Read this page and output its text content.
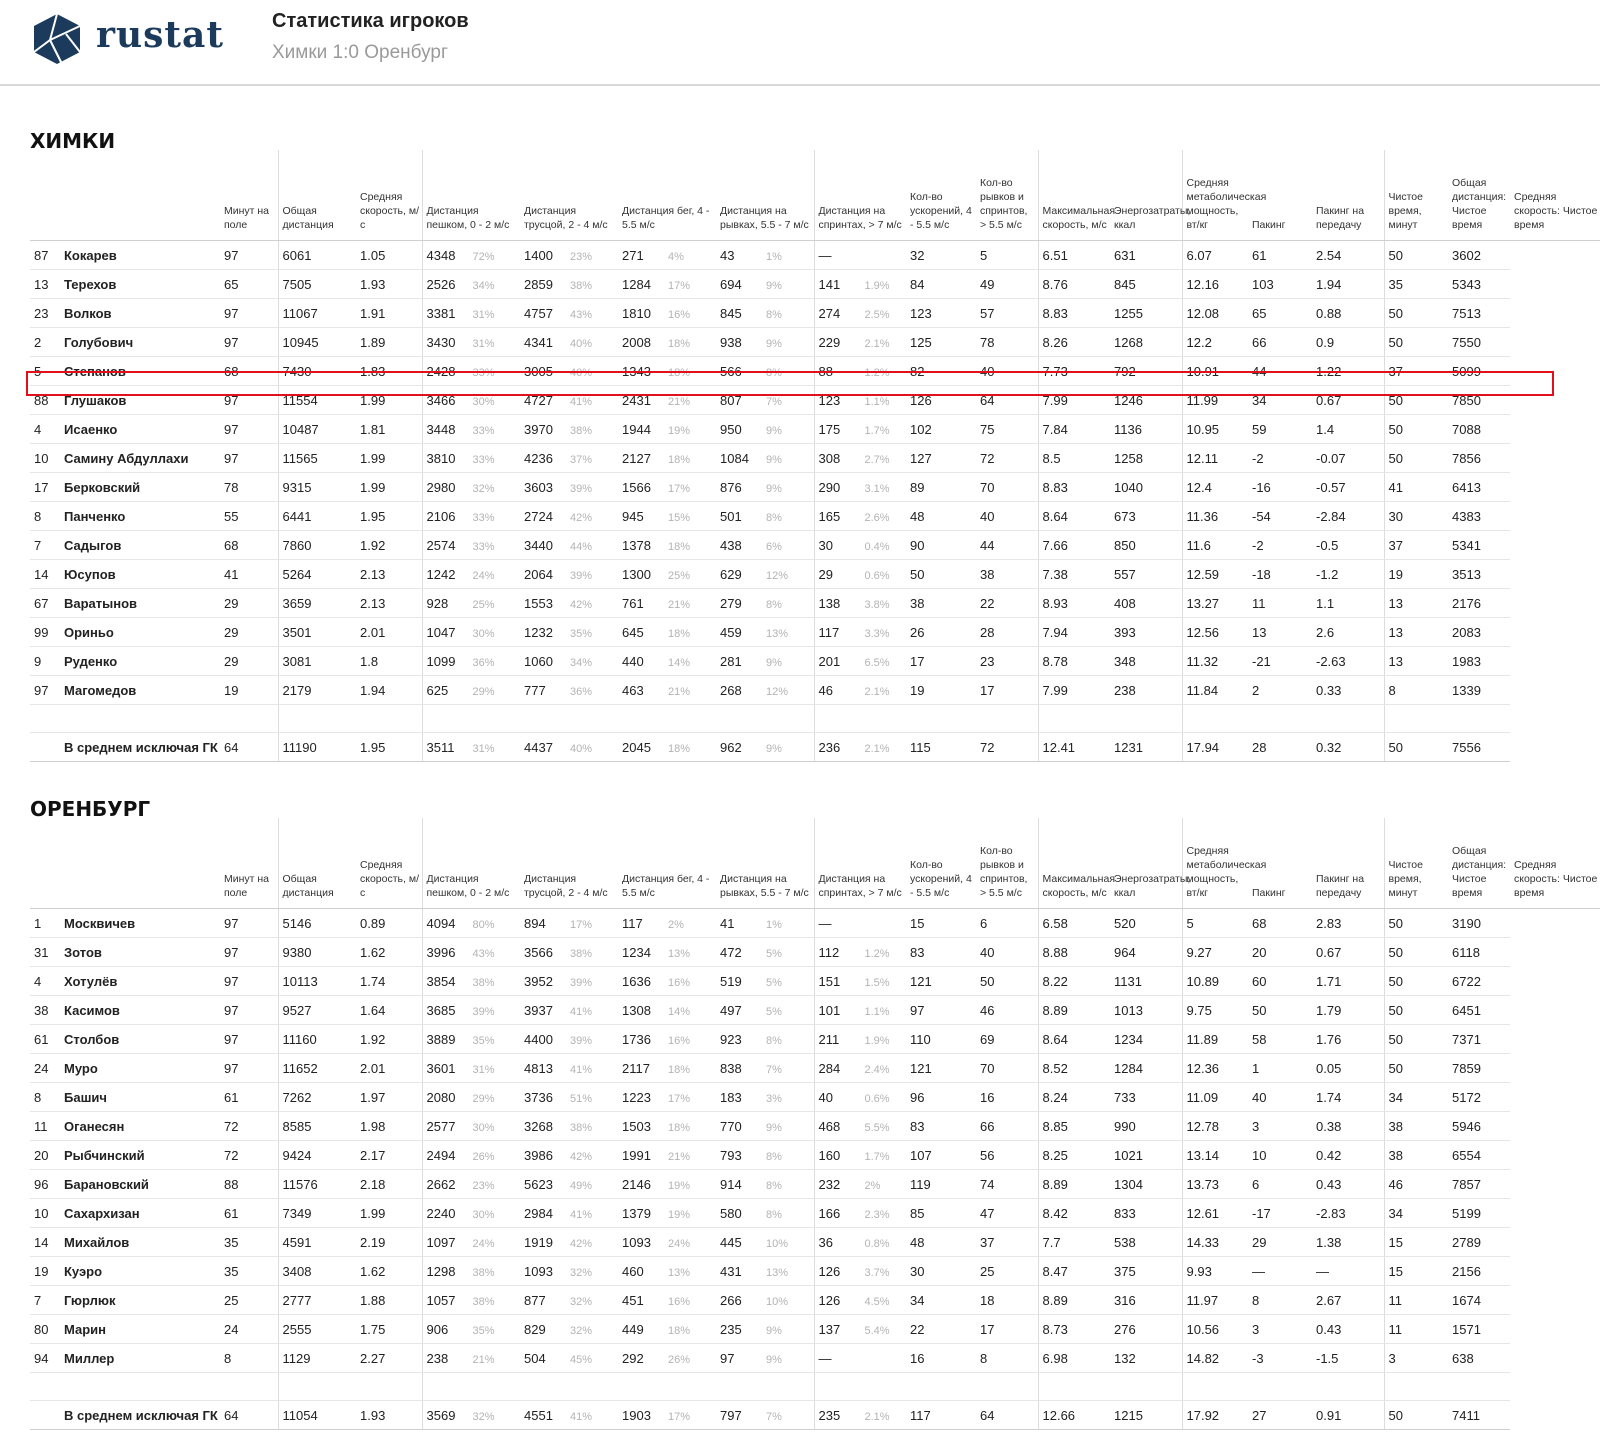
rustat Статистика игроков
Химки 1:0 Оренбург
ХИМКИ
		Минут на поле	Общая дистанция	Средняя скорость, м/с	Дистанция пешком, 0 - 2 м/с	Дистанция трусцой, 2 - 4 м/с	Дистанция бег, 4 - 5.5 м/с	Дистанция на рывках, 5.5 - 7 м/с	Дистанция на спринтах, > 7 м/с	Кол-во ускорений, 4 - 5.5 м/с	Кол-во рывков и спринтов, > 5.5 м/с	Максимальная скорость, м/с	Энергозатраты, ккал	Средняя метаболическая мощность, вт/кг	Пакинг	Пакинг на передачу	Чистое время, минут	Общая дистанция: Чистое время	Средняя скорость: Чистое время
87	Кокарев	97	6061	1.05	4348 72%	1400 23%	271 4%	43 1%	—	32	5	6.51	631	6.07	61	2.54	50	3602	
13	Терехов	65	7505	1.93	2526 34%	2859 38%	1284 17%	694 9%	141 1.9%	84	49	8.76	845	12.16	103	1.94	35	5343	
23	Волков	97	11067	1.91	3381 31%	4757 43%	1810 16%	845 8%	274 2.5%	123	57	8.83	1255	12.08	65	0.88	50	7513	
2	Голубович	97	10945	1.89	3430 31%	4341 40%	2008 18%	938 9%	229 2.1%	125	78	8.26	1268	12.2	66	0.9	50	7550	
5	Степанов	68	7430	1.83	2428 33%	3005 40%	1343 18%	566 8%	88 1.2%	82	40	7.73	792	10.91	44	1.22	37	5099	
88	Глушаков	97	11554	1.99	3466 30%	4727 41%	2431 21%	807 7%	123 1.1%	126	64	7.99	1246	11.99	34	0.67	50	7850	
4	Исаенко	97	10487	1.81	3448 33%	3970 38%	1944 19%	950 9%	175 1.7%	102	75	7.84	1136	10.95	59	1.4	50	7088	
10	Самину Абдуллахи	97	11565	1.99	3810 33%	4236 37%	2127 18%	1084 9%	308 2.7%	127	72	8.5	1258	12.11	-2	-0.07	50	7856	
17	Берковский	78	9315	1.99	2980 32%	3603 39%	1566 17%	876 9%	290 3.1%	89	70	8.83	1040	12.4	-16	-0.57	41	6413	
8	Панченко	55	6441	1.95	2106 33%	2724 42%	945 15%	501 8%	165 2.6%	48	40	8.64	673	11.36	-54	-2.84	30	4383	
7	Садыгов	68	7860	1.92	2574 33%	3440 44%	1378 18%	438 6%	30 0.4%	90	44	7.66	850	11.6	-2	-0.5	37	5341	
14	Юсупов	41	5264	2.13	1242 24%	2064 39%	1300 25%	629 12%	29 0.6%	50	38	7.38	557	12.59	-18	-1.2	19	3513	
67	Варатынов	29	3659	2.13	928 25%	1553 42%	761 21%	279 8%	138 3.8%	38	22	8.93	408	13.27	11	1.1	13	2176	
99	Ориньо	29	3501	2.01	1047 30%	1232 35%	645 18%	459 13%	117 3.3%	26	28	7.94	393	12.56	13	2.6	13	2083	
9	Руденко	29	3081	1.8	1099 36%	1060 34%	440 14%	281 9%	201 6.5%	17	23	8.78	348	11.32	-21	-2.63	13	1983	
97	Магомедов	19	2179	1.94	625 29%	777 36%	463 21%	268 12%	46 2.1%	19	17	7.99	238	11.84	2	0.33	8	1339	

	В среднем исключая ГК	64	11190	1.95	3511 31%	4437 40%	2045 18%	962 9%	236 2.1%	115	72	12.41	1231	17.94	28	0.32	50	7556	
ОРЕНБУРГ
		Минут на поле	Общая дистанция	Средняя скорость, м/с	Дистанция пешком, 0 - 2 м/с	Дистанция трусцой, 2 - 4 м/с	Дистанция бег, 4 - 5.5 м/с	Дистанция на рывках, 5.5 - 7 м/с	Дистанция на спринтах, > 7 м/с	Кол-во ускорений, 4 - 5.5 м/с	Кол-во рывков и спринтов, > 5.5 м/с	Максимальная скорость, м/с	Энергозатраты, ккал	Средняя метаболическая мощность, вт/кг	Пакинг	Пакинг на передачу	Чистое время, минут	Общая дистанция: Чистое время	Средняя скорость: Чистое время
1	Москвичев	97	5146	0.89	4094 80%	894 17%	117 2%	41 1%	—	15	6	6.58	520	5	68	2.83	50	3190	
31	Зотов	97	9380	1.62	3996 43%	3566 38%	1234 13%	472 5%	112 1.2%	83	40	8.88	964	9.27	20	0.67	50	6118	
4	Хотулёв	97	10113	1.74	3854 38%	3952 39%	1636 16%	519 5%	151 1.5%	121	50	8.22	1131	10.89	60	1.71	50	6722	
38	Касимов	97	9527	1.64	3685 39%	3937 41%	1308 14%	497 5%	101 1.1%	97	46	8.89	1013	9.75	50	1.79	50	6451	
61	Столбов	97	11160	1.92	3889 35%	4400 39%	1736 16%	923 8%	211 1.9%	110	69	8.64	1234	11.89	58	1.76	50	7371	
24	Муро	97	11652	2.01	3601 31%	4813 41%	2117 18%	838 7%	284 2.4%	121	70	8.52	1284	12.36	1	0.05	50	7859	
8	Башич	61	7262	1.97	2080 29%	3736 51%	1223 17%	183 3%	40 0.6%	96	16	8.24	733	11.09	40	1.74	34	5172	
11	Оганесян	72	8585	1.98	2577 30%	3268 38%	1503 18%	770 9%	468 5.5%	83	66	8.85	990	12.78	3	0.38	38	5946	
20	Рыбчинский	72	9424	2.17	2494 26%	3986 42%	1991 21%	793 8%	160 1.7%	107	56	8.25	1021	13.14	10	0.42	38	6554	
96	Барановский	88	11576	2.18	2662 23%	5623 49%	2146 19%	914 8%	232 2%	119	74	8.89	1304	13.73	6	0.43	46	7857	
10	Сахархизан	61	7349	1.99	2240 30%	2984 41%	1379 19%	580 8%	166 2.3%	85	47	8.42	833	12.61	-17	-2.83	34	5199	
14	Михайлов	35	4591	2.19	1097 24%	1919 42%	1093 24%	445 10%	36 0.8%	48	37	7.7	538	14.33	29	1.38	15	2789	
19	Куэро	35	3408	1.62	1298 38%	1093 32%	460 13%	431 13%	126 3.7%	30	25	8.47	375	9.93	—	—	15	2156	
7	Гюрлюк	25	2777	1.88	1057 38%	877 32%	451 16%	266 10%	126 4.5%	34	18	8.89	316	11.97	8	2.67	11	1674	
80	Марин	24	2555	1.75	906 35%	829 32%	449 18%	235 9%	137 5.4%	22	17	8.73	276	10.56	3	0.43	11	1571	
94	Миллер	8	1129	2.27	238 21%	504 45%	292 26%	97 9%	—	16	8	6.98	132	14.82	-3	-1.5	3	638	

	В среднем исключая ГК	64	11054	1.93	3569 32%	4551 41%	1903 17%	797 7%	235 2.1%	117	64	12.66	1215	17.92	27	0.91	50	7411	
